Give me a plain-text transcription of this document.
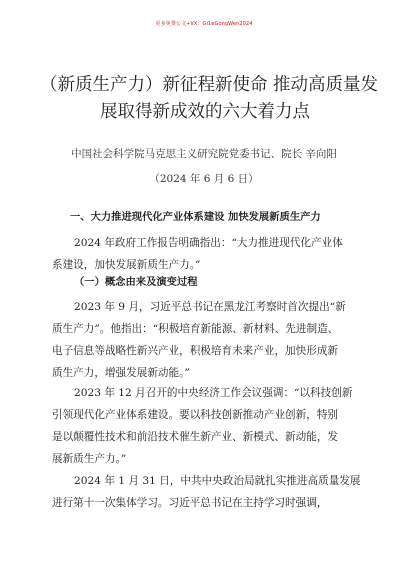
更多免费公文+VX：Gi1eGongWen2024
（新质生产力）新征程新使命 推动高质量发
展取得新成效的六大着力点
中国社会科学院马克思主义研究院党委书记、院长 辛向阳
（2024 年 6 月 6 日）
一、大力推进现代化产业体系建设 加快发展新质生产力
2024 年政府工作报告明确指出：“大力推进现代化产业体
系建设，加快发展新质生产力。”
（一）概念由来及演变过程
2023 年 9 月，习近平总书记在黑龙江考察时首次提出“新
质生产力”。他指出：“积极培育新能源、新材料、先进制造、
电子信息等战略性新兴产业，积极培育未来产业，加快形成新
质生产力，增强发展新动能。”
2023 年 12 月召开的中央经济工作会议强调：“以科技创新
引领现代化产业体系建设。要以科技创新推动产业创新，特别
是以颠覆性技术和前沿技术催生新产业、新模式、新动能，发
展新质生产力。”
2024 年 1 月 31 日，中共中央政治局就扎实推进高质量发展
进行第十一次集体学习。习近平总书记在主持学习时强调，
